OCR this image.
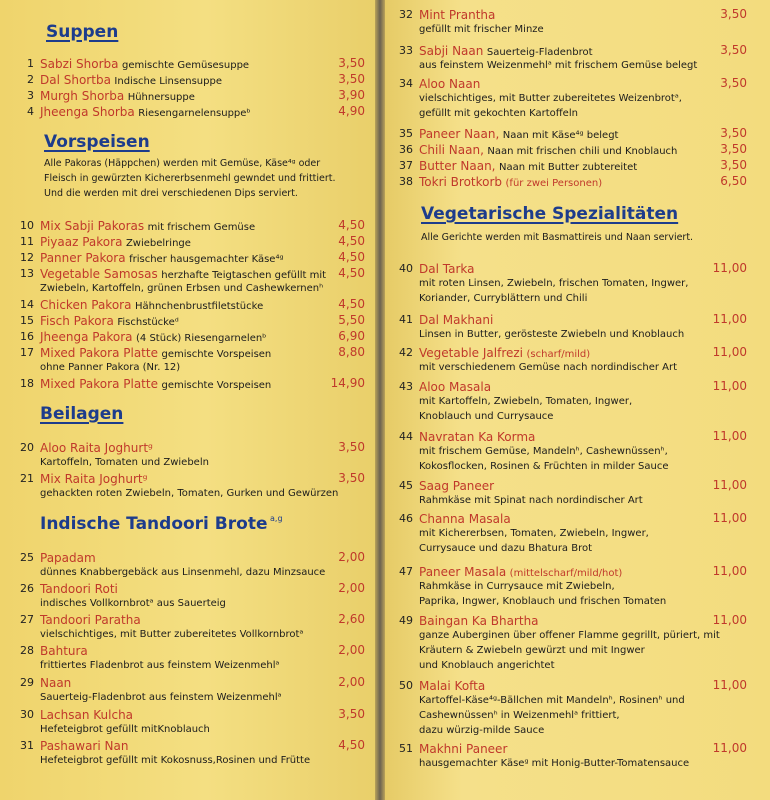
Suppen
Vorspeisen
Beilagen
Indische Tandoori Brote $^{a,g}$
Alle Pakoras (Häppchen) werden mit Gemüse, Käse⁴ᵍ oder
Fleisch in gewürzten Kichererbsenmehl gewndet und frittiert.
Und die werden mit drei verschiedenen Dips serviert.
1 Sabzi Shorba gemischte Gemüsesuppe	3,50
2 Dal Shortba Indische Linsensuppe	3,50
3 Murgh Shorba Hühnersuppe	3,90
4 Jheenga Shorba Riesengarnelensuppeᵇ	4,90
10 Mix Sabji Pakoras mit frischem Gemüse	4,50
11 Piyaaz Pakora Zwiebelringe	4,50
12 Panner Pakora frischer hausgemachter Käse⁴ᵍ	4,50
13 Vegetable Samosas herzhafte Teigtaschen gefüllt mit	4,50
Zwiebeln, Kartoffeln, grünen Erbsen und Cashewkernenʰ
14 Chicken Pakora Hähnchenbrustfiletstücke	4,50
15 Fisch Pakora Fischstückeᵈ	5,50
16 Jheenga Pakora (4 Stück) Riesengarnelenᵇ	6,90
17 Mixed Pakora Platte gemischte Vorspeisen	8,80
ohne Panner Pakora (Nr. 12)
18 Mixed Pakora Platte gemischte Vorspeisen	14,90
20 Aloo Raita Joghurtᵍ	3,50
Kartoffeln, Tomaten und Zwiebeln
21 Mix Raita Joghurtᵍ	3,50
gehackten roten Zwiebeln, Tomaten, Gurken und Gewürzen
25 Papadam	2,00
dünnes Knabbergebäck aus Linsenmehl, dazu Minzsauce
26 Tandoori Roti	2,00
indisches Vollkornbrotᵃ aus Sauerteig
27 Tandoori Paratha	2,60
vielschichtiges, mit Butter zubereitetes Vollkornbrotᵃ
28 Bahtura	2,00
frittiertes Fladenbrot aus feinstem Weizenmehlᵃ
29 Naan	2,00
Sauerteig-Fladenbrot aus feinstem Weizenmehlᵃ
30 Lachsan Kulcha	3,50
Hefeteigbrot gefüllt mitKnoblauch
31 Pashawari Nan	4,50
Hefeteigbrot gefüllt mit Kokosnuss,Rosinen und Frütte
Vegetarische Spezialitäten
Alle Gerichte werden mit Basmattireis und Naan serviert.
32 Mint Prantha	3,50
gefüllt mit frischer Minze
33 Sabji Naan Sauerteig-Fladenbrot	3,50
aus feinstem Weizenmehlᵃ mit frischem Gemüse belegt
34 Aloo Naan	3,50
vielschichtiges, mit Butter zubereitetes Weizenbrotᵃ,
gefüllt mit gekochten Kartoffeln
35 Paneer Naan, Naan mit Käse⁴ᵍ belegt	3,50
36 Chili Naan, Naan mit frischen chili und Knoblauch	3,50
37 Butter Naan, Naan mit Butter zubtereitet	3,50
38 Tokri Brotkorb (für zwei Personen)	6,50
40 Dal Tarka	11,00
mit roten Linsen, Zwiebeln, frischen Tomaten, Ingwer,
Koriander, Curryblättern und Chili
41 Dal Makhani	11,00
Linsen in Butter, gerösteste Zwiebeln und Knoblauch
42 Vegetable Jalfrezi (scharf/mild)	11,00
mit verschiedenem Gemüse nach nordindischer Art
43 Aloo Masala	11,00
mit Kartoffeln, Zwiebeln, Tomaten, Ingwer,
Knoblauch und Currysauce
44 Navratan Ka Korma	11,00
mit frischem Gemüse, Mandelnʰ, Cashewnüssenʰ,
Kokosflocken, Rosinen & Früchten in milder Sauce
45 Saag Paneer	11,00
Rahmkäse mit Spinat nach nordindischer Art
46 Channa Masala	11,00
mit Kichererbsen, Tomaten, Zwiebeln, Ingwer,
Currysauce und dazu Bhatura Brot
47 Paneer Masala (mittelscharf/mild/hot)	11,00
Rahmkäse in Currysauce mit Zwiebeln,
Paprika, Ingwer, Knoblauch und frischen Tomaten
49 Baingan Ka Bhartha	11,00
ganze Auberginen über offener Flamme gegrillt, püriert, mit
Kräutern & Zwiebeln gewürzt und mit Ingwer
und Knoblauch angerichtet
50 Malai Kofta	11,00
Kartoffel-Käse⁴ᵍ-Bällchen mit Mandelnʰ, Rosinenʰ und
Cashewnüssenʰ in Weizenmehlᵃ frittiert,
dazu würzig-milde Sauce
51 Makhni Paneer	11,00
hausgemachter Käseᵍ mit Honig-Butter-Tomatensauce
